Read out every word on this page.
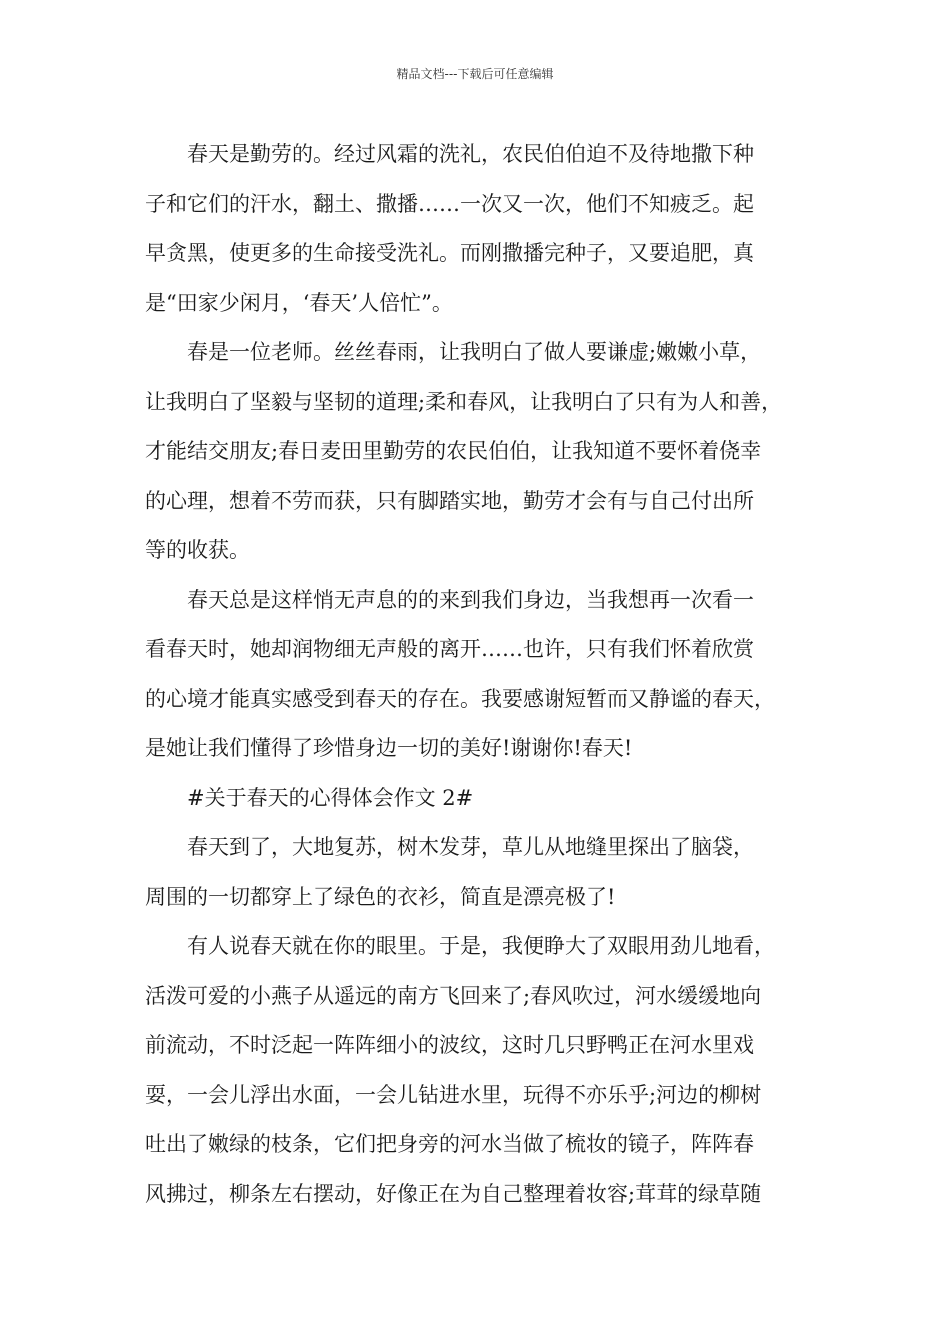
精品文档---下载后可任意编辑

春天是勤劳的。经过风霜的洗礼，农民伯伯迫不及待地撒下种
子和它们的汗水，翻土、撒播……一次又一次，他们不知疲乏。起
早贪黑，使更多的生命接受洗礼。而刚撒播完种子，又要追肥，真
是“田家少闲月，‘春天’人倍忙”。

春是一位老师。丝丝春雨，让我明白了做人要谦虚;嫩嫩小草，
让我明白了坚毅与坚韧的道理;柔和春风，让我明白了只有为人和善，
才能结交朋友;春日麦田里勤劳的农民伯伯，让我知道不要怀着侥幸
的心理，想着不劳而获，只有脚踏实地，勤劳才会有与自己付出所
等的收获。

春天总是这样悄无声息的的来到我们身边，当我想再一次看一
看春天时，她却润物细无声般的离开……也许，只有我们怀着欣赏
的心境才能真实感受到春天的存在。我要感谢短暂而又静谧的春天，
是她让我们懂得了珍惜身边一切的美好!谢谢你!春天!

#关于春天的心得体会作文 2#

春天到了，大地复苏，树木发芽，草儿从地缝里探出了脑袋，
周围的一切都穿上了绿色的衣衫，简直是漂亮极了!

有人说春天就在你的眼里。于是，我便睁大了双眼用劲儿地看，
活泼可爱的小燕子从遥远的南方飞回来了;春风吹过，河水缓缓地向
前流动，不时泛起一阵阵细小的波纹，这时几只野鸭正在河水里戏
耍，一会儿浮出水面，一会儿钻进水里，玩得不亦乐乎;河边的柳树
吐出了嫩绿的枝条，它们把身旁的河水当做了梳妆的镜子，阵阵春
风拂过，柳条左右摆动，好像正在为自己整理着妆容;茸茸的绿草随
